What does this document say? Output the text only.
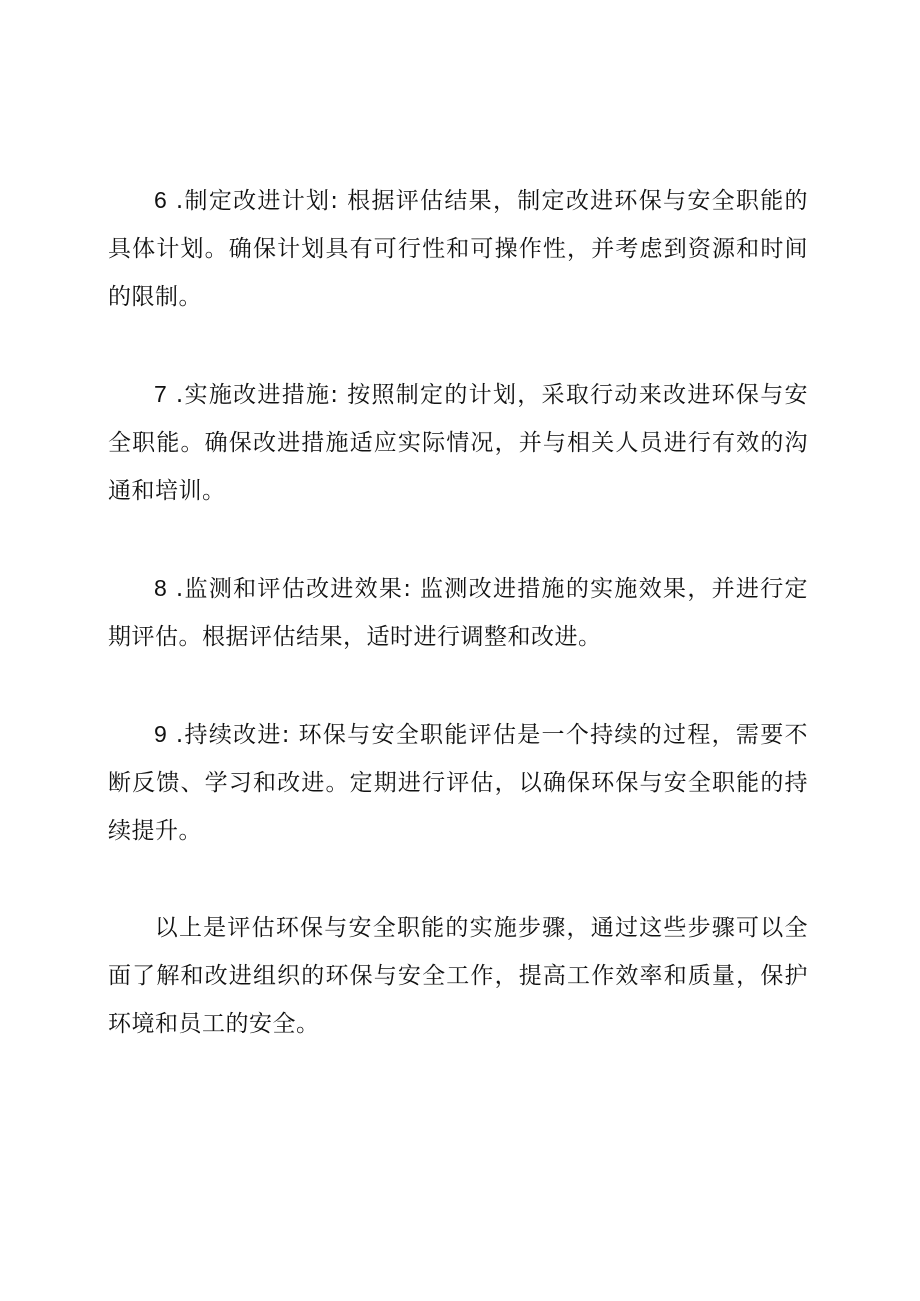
6 .制定改进计划: 根据评估结果，制定改进环保与安全职能的具体计划。确保计划具有可行性和可操作性，并考虑到资源和时间的限制。

7 .实施改进措施: 按照制定的计划，采取行动来改进环保与安全职能。确保改进措施适应实际情况，并与相关人员进行有效的沟通和培训。

8 .监测和评估改进效果: 监测改进措施的实施效果，并进行定期评估。根据评估结果，适时进行调整和改进。

9 .持续改进: 环保与安全职能评估是一个持续的过程，需要不断反馈、学习和改进。定期进行评估，以确保环保与安全职能的持续提升。

以上是评估环保与安全职能的实施步骤，通过这些步骤可以全面了解和改进组织的环保与安全工作，提高工作效率和质量，保护环境和员工的安全。
